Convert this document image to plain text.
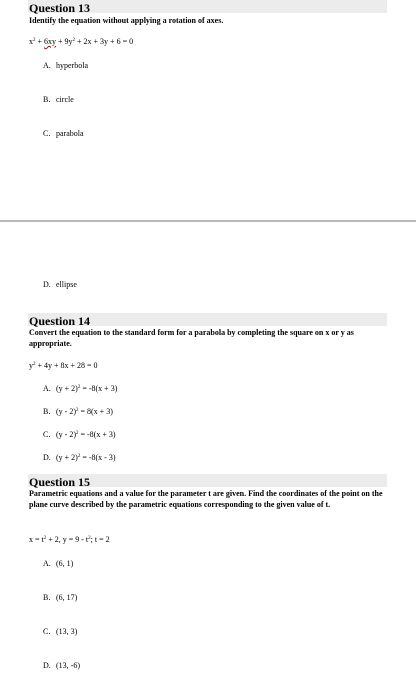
Question 13
Identify the equation without applying a rotation of axes.
$x^2 + 6xy + 9y^2 + 2x + 3y + 6 = 0$
A. hyperbola
B. circle
C. parabola
D. ellipse
Question 14
Convert the equation to the standard form for a parabola by completing the square on x or y as appropriate.
$y^2 + 4y + 8x + 28 = 0$
A. $(y + 2)^2 = -8(x + 3)$
B. (y - 2)$^2$ = 8(x + 3)
C. (y - 2)$^2$ = -8(x + 3)
D. $(y + 2)^2 = -8(x - 3)$
Question 15
Parametric equations and a value for the parameter t are given. Find the coordinates of the point on the plane curve described by the parametric equations corresponding to the given value of t.
$x = t^2 + 2$, $y = 9 - t^2$; t = 2
A. (6, 1)
B. (6, 17)
C. (13, 3)
D. (13, -6)
